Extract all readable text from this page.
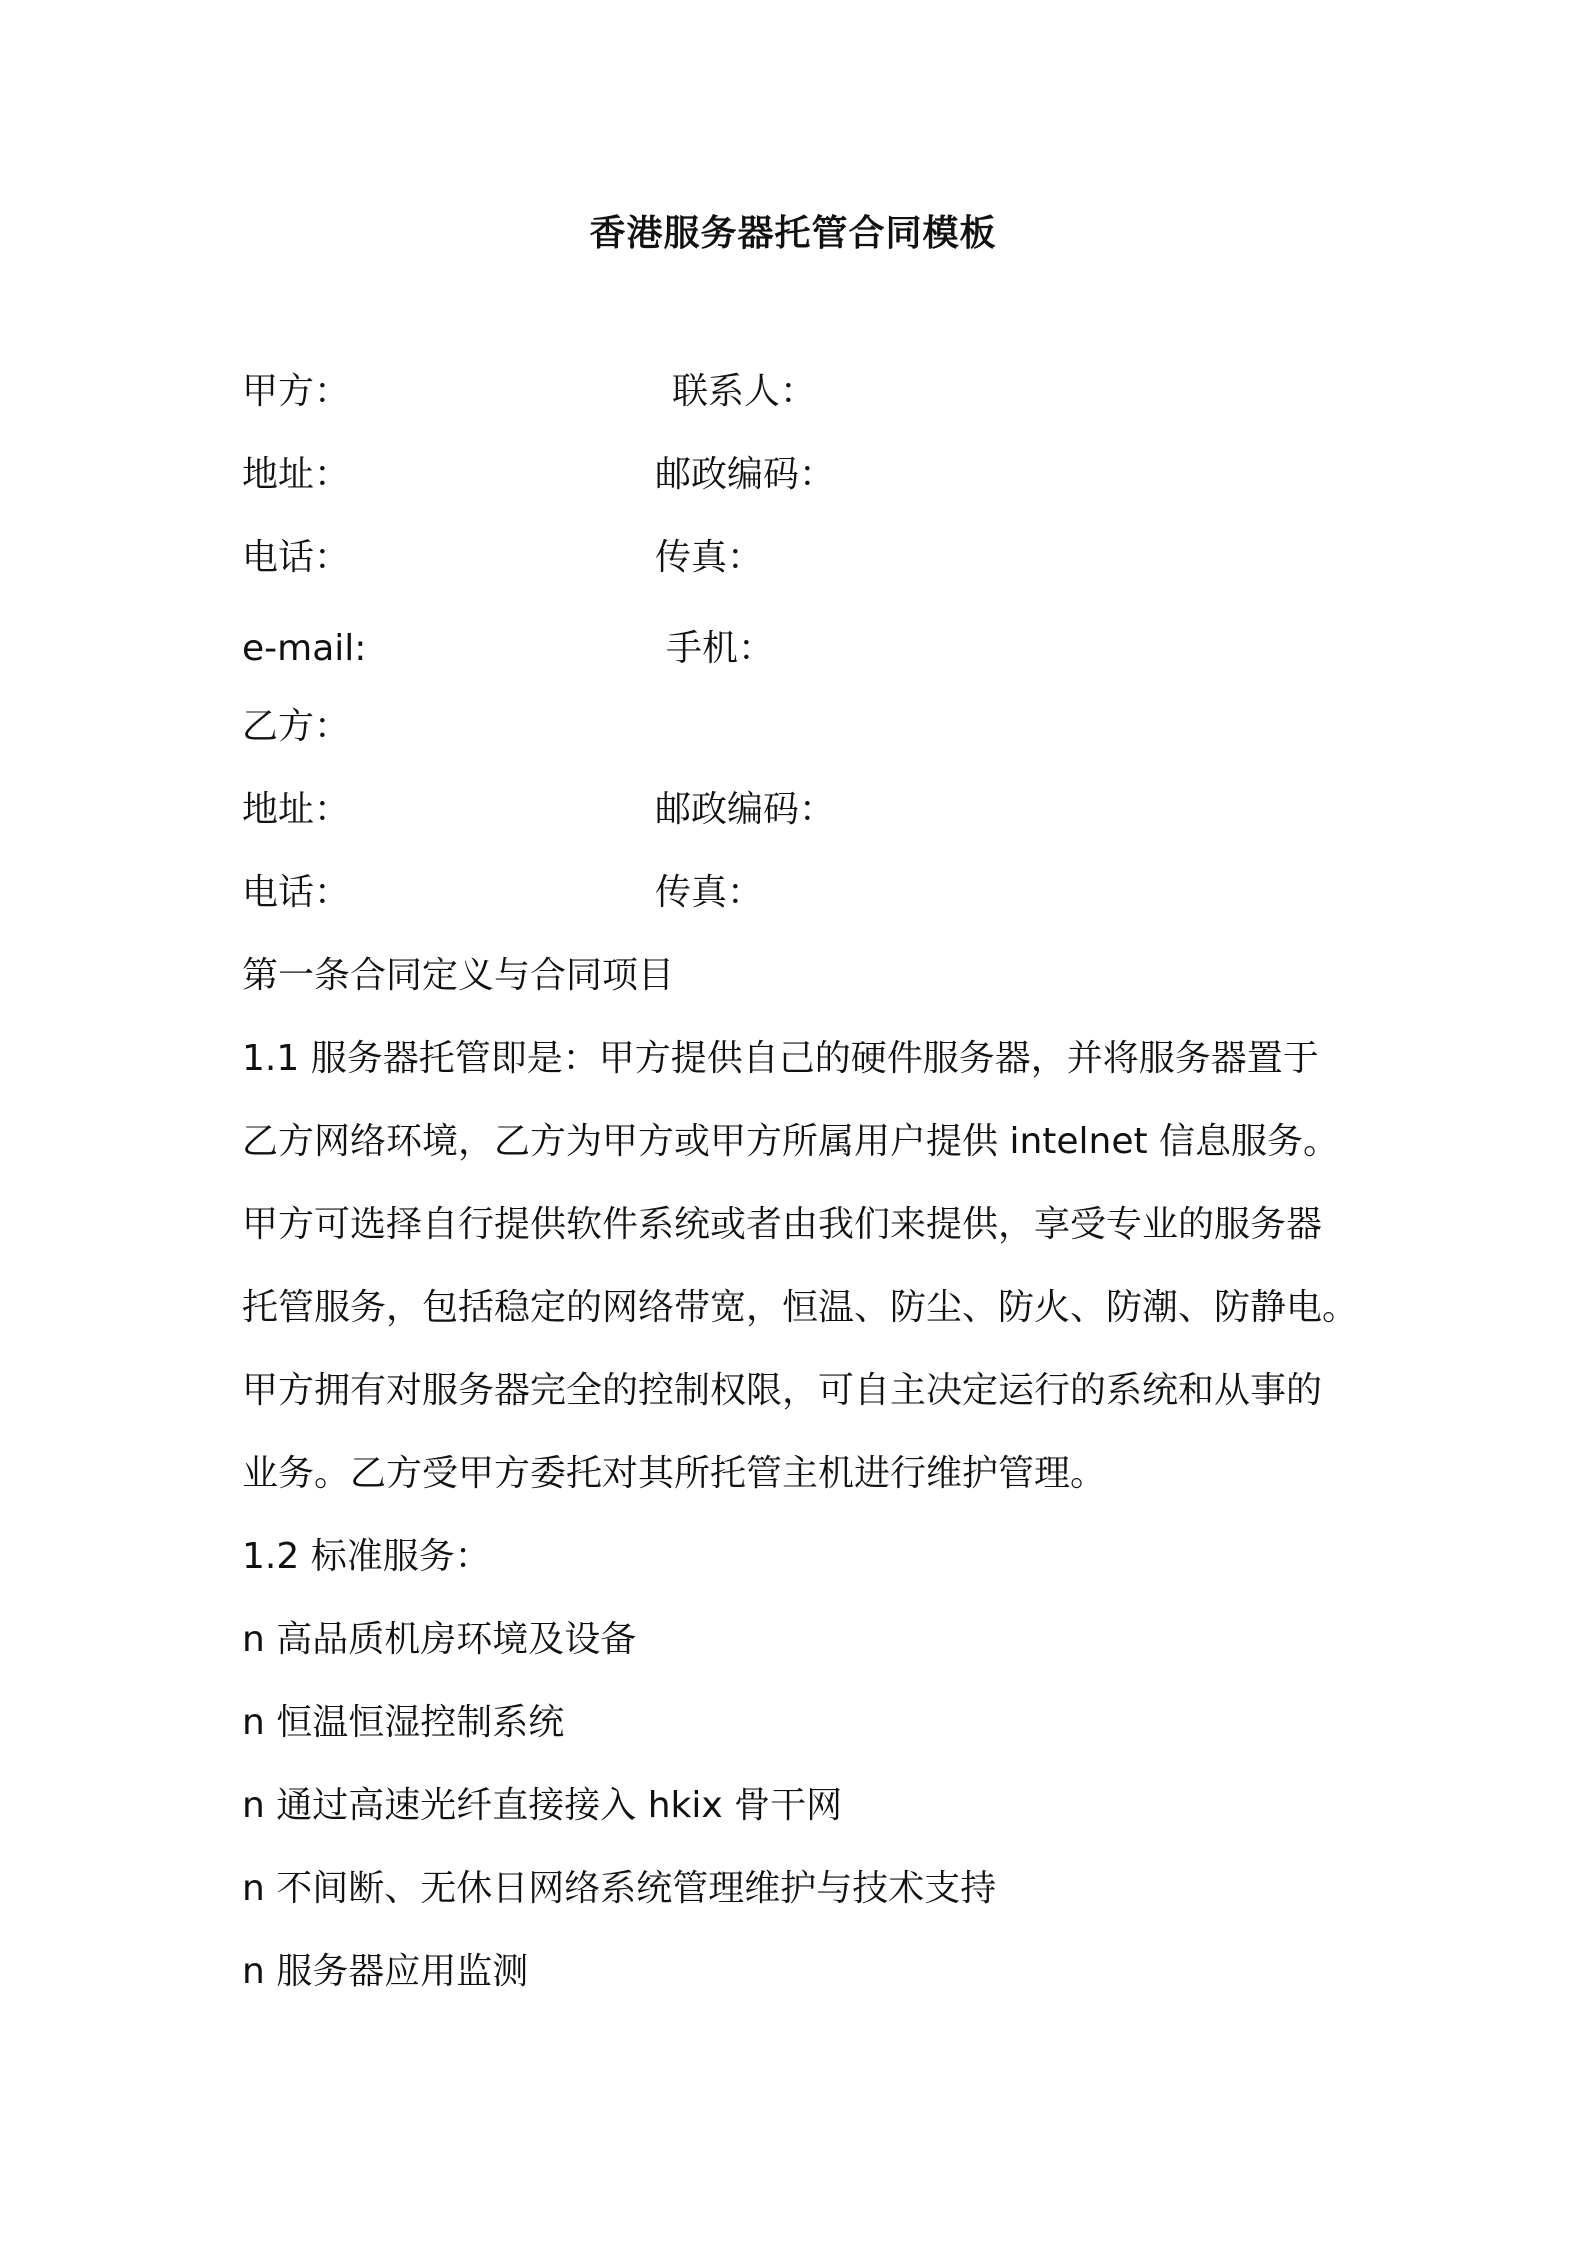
香港服务器托管合同模板
甲方：	联系人：
地址：	邮政编码：
电话：	传真：
e-mail:	手机：
乙方：
地址：	邮政编码：
电话：	传真：
第一条合同定义与合同项目
1.1 服务器托管即是：甲方提供自己的硬件服务器，并将服务器置于
乙方网络环境，乙方为甲方或甲方所属用户提供 intelnet 信息服务。
甲方可选择自行提供软件系统或者由我们来提供，享受专业的服务器
托管服务，包括稳定的网络带宽，恒温、防尘、防火、防潮、防静电。
甲方拥有对服务器完全的控制权限，可自主决定运行的系统和从事的
业务。乙方受甲方委托对其所托管主机进行维护管理。
1.2 标准服务：
n 高品质机房环境及设备
n 恒温恒湿控制系统
n 通过高速光纤直接接入 hkix 骨干网
n 不间断、无休日网络系统管理维护与技术支持
n 服务器应用监测
